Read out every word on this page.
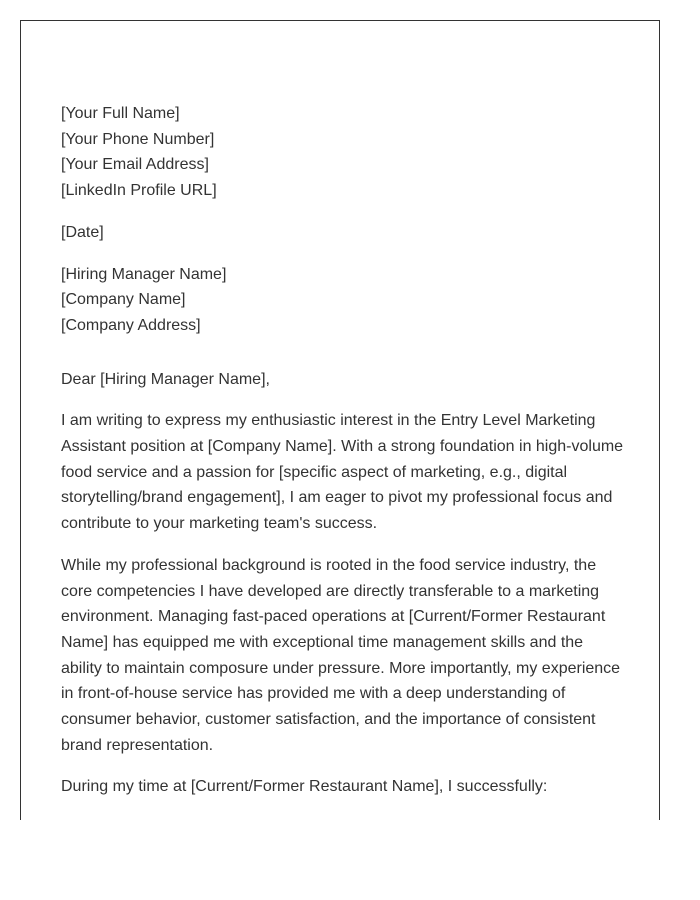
[Your Full Name]
[Your Phone Number]
[Your Email Address]
[LinkedIn Profile URL]
[Date]
[Hiring Manager Name]
[Company Name]
[Company Address]
Dear [Hiring Manager Name],

I am writing to express my enthusiastic interest in the Entry Level Marketing Assistant position at [Company Name]. With a strong foundation in high-volume food service and a passion for [specific aspect of marketing, e.g., digital storytelling/brand engagement], I am eager to pivot my professional focus and contribute to your marketing team's success.

While my professional background is rooted in the food service industry, the core competencies I have developed are directly transferable to a marketing environment. Managing fast-paced operations at [Current/Former Restaurant Name] has equipped me with exceptional time management skills and the ability to maintain composure under pressure. More importantly, my experience in front-of-house service has provided me with a deep understanding of consumer behavior, customer satisfaction, and the importance of consistent brand representation.

During my time at [Current/Former Restaurant Name], I successfully:
